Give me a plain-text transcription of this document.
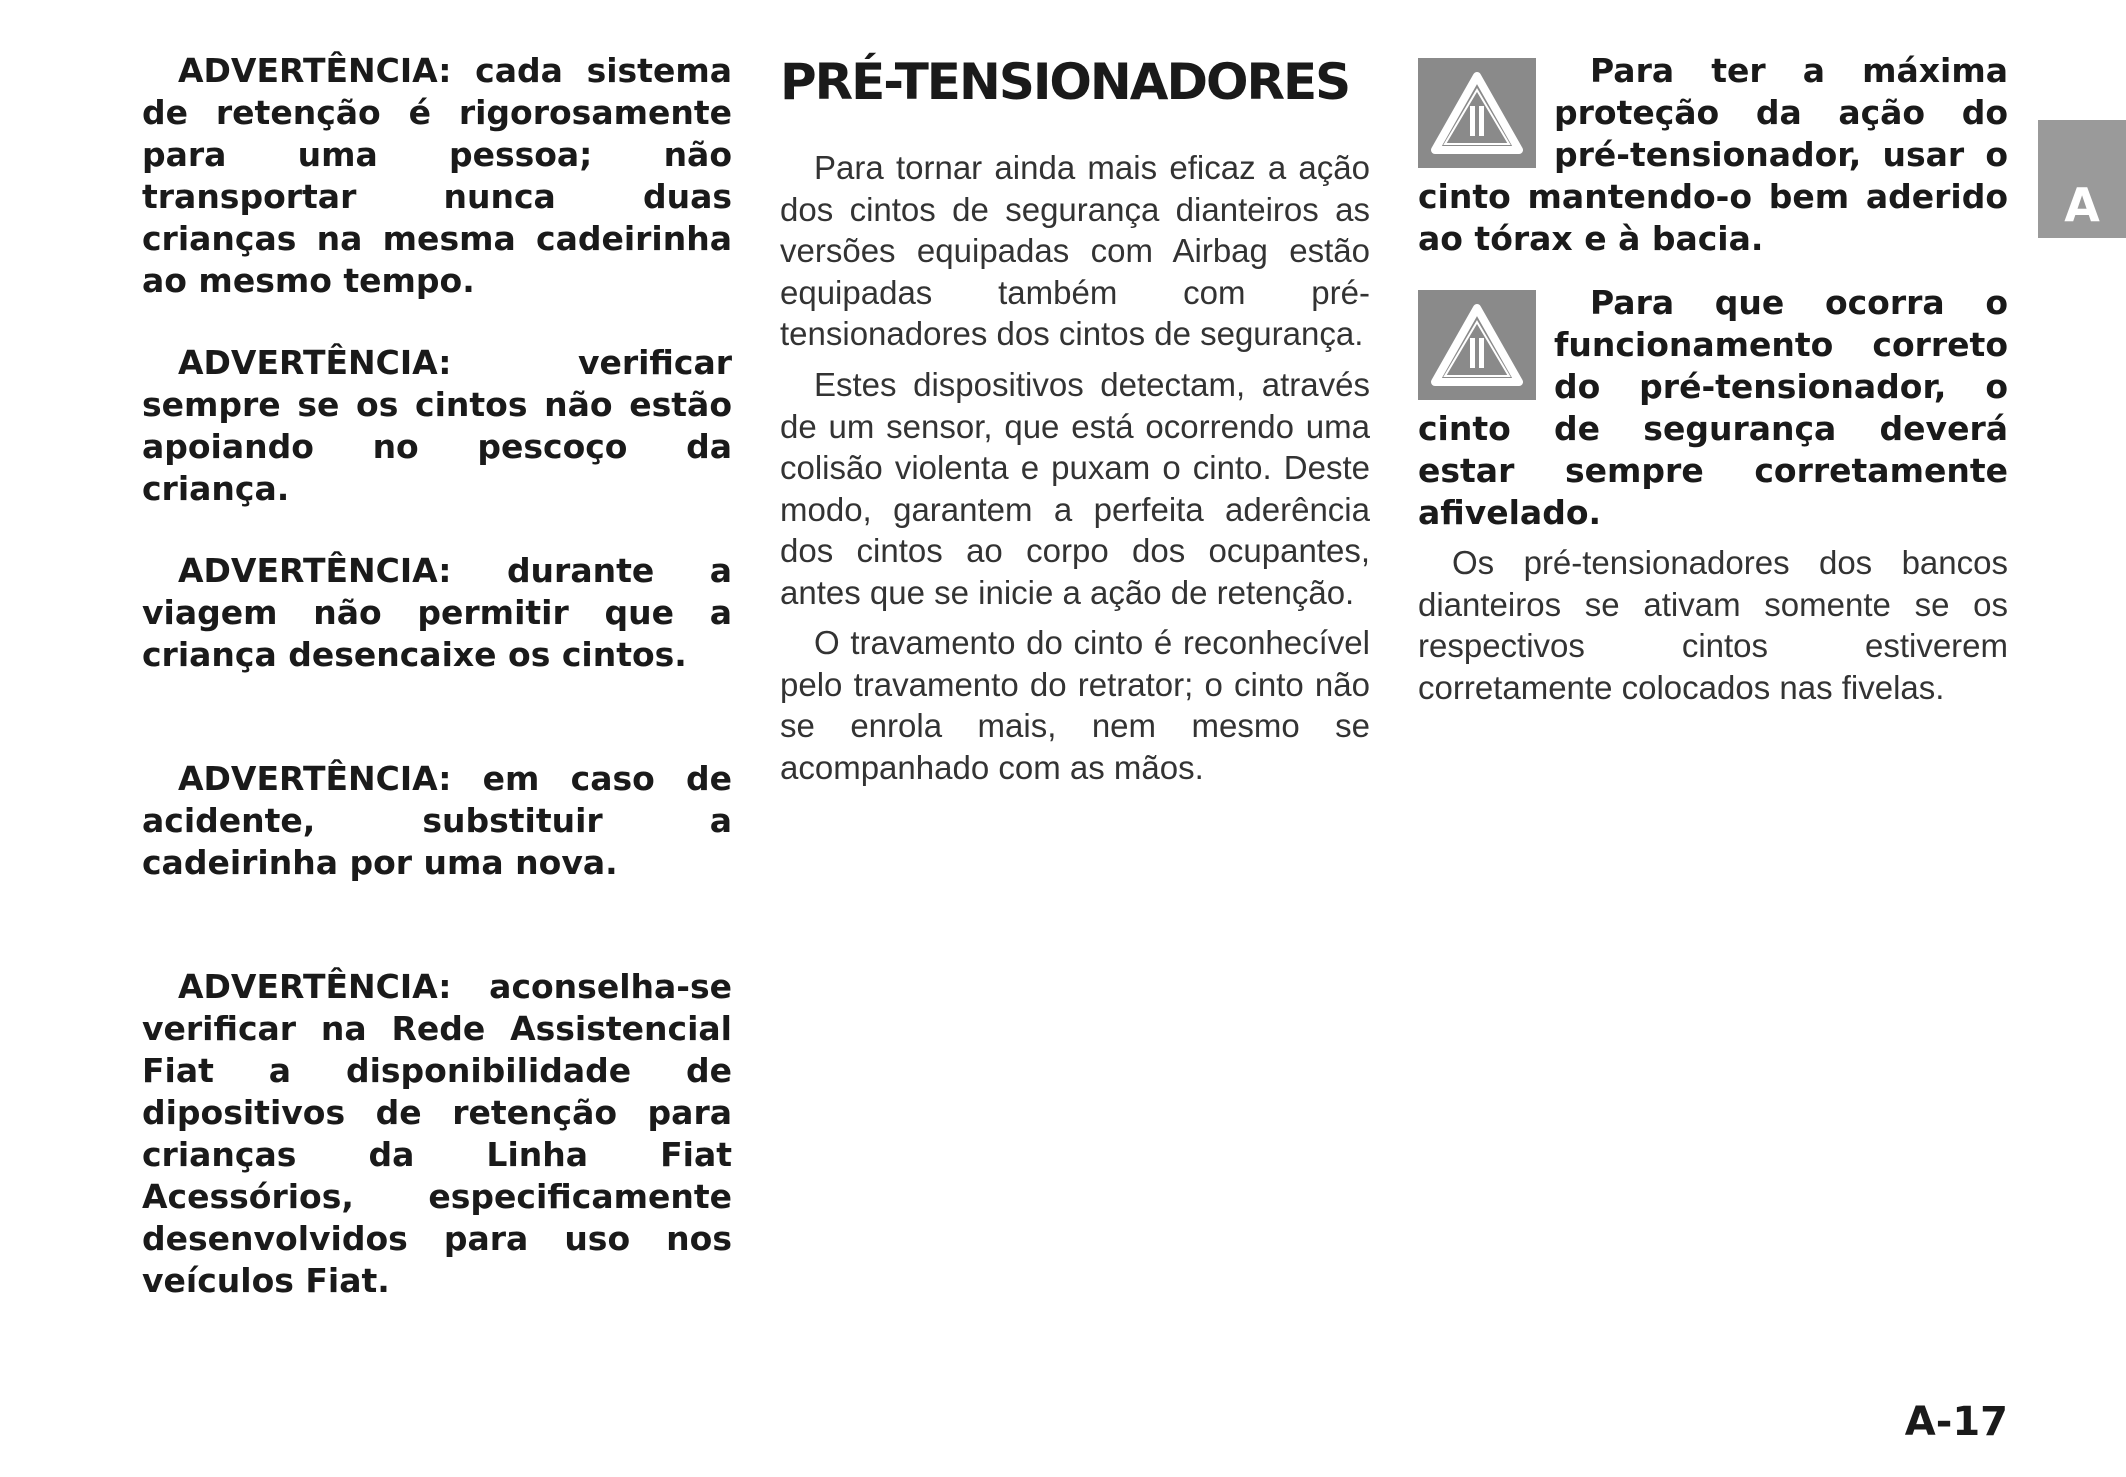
ADVERTÊNCIA: cada sistema de retenção é rigorosamente para uma pessoa; não transportar nunca duas crianças na mesma cadeirinha ao mesmo tempo.

ADVERTÊNCIA: verificar sempre se os cintos não estão apoiando no pescoço da criança.

ADVERTÊNCIA: durante a viagem não permitir que a criança desencaixe os cintos.

ADVERTÊNCIA: em caso de acidente, substituir a cadeirinha por uma nova.

ADVERTÊNCIA: aconselha-se verificar na Rede Assistencial Fiat a disponibilidade de dipositivos de retenção para crianças da Linha Fiat Acessórios, especificamente desenvolvidos para uso nos veículos Fiat.

PRÉ-TENSIONADORES

Para tornar ainda mais eficaz a ação dos cintos de segurança dianteiros as versões equipadas com Airbag estão equipadas também com pré-tensionadores dos cintos de segurança.

Estes dispositivos detectam, através de um sensor, que está ocorrendo uma colisão violenta e puxam o cinto. Deste modo, garantem a perfeita aderência dos cintos ao corpo dos ocupantes, antes que se inicie a ação de retenção.

O travamento do cinto é reconhecível pelo travamento do retrator; o cinto não se enrola mais, nem mesmo se acompanhado com as mãos.

Para ter a máxima proteção da ação do pré-tensionador, usar o cinto mantendo-o bem aderido ao tórax e à bacia.

Para que ocorra o funcionamento correto do pré-tensionador, o cinto de segurança deverá estar sempre corretamente afivelado.

Os pré-tensionadores dos bancos dianteiros se ativam somente se os respectivos cintos estiverem corretamente colocados nas fivelas.

A
A-17
